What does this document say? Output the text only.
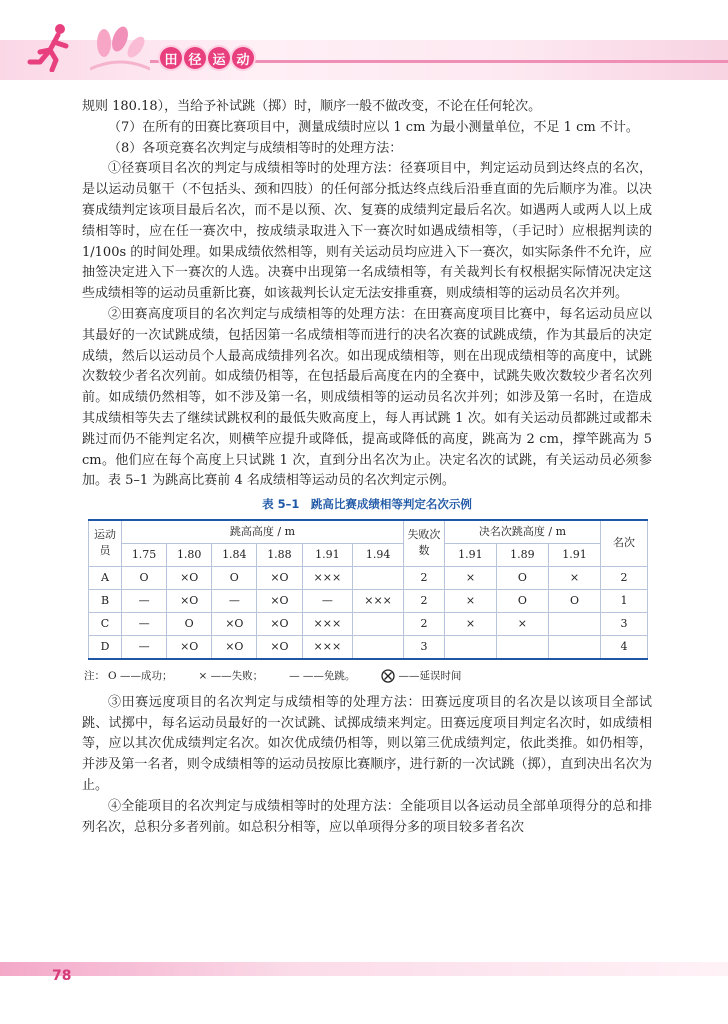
田 径 运 动

规则 180.18），当给予补试跳（掷）时，顺序一般不做改变，不论在任何轮次。

（7）在所有的田赛比赛项目中，测量成绩时应以 1 cm 为最小测量单位，不足 1 cm 不计。

（8）各项竞赛名次判定与成绩相等时的处理方法：

①径赛项目名次的判定与成绩相等时的处理方法：径赛项目中，判定运动员到达终点的名次，是以运动员躯干（不包括头、颈和四肢）的任何部分抵达终点线后沿垂直面的先后顺序为准。以决赛成绩判定该项目最后名次，而不是以预、次、复赛的成绩判定最后名次。如遇两人或两人以上成绩相等时，应在任一赛次中，按成绩录取进入下一赛次时如遇成绩相等，（手记时）应根据判读的 1/100s 的时间处理。如果成绩依然相等，则有关运动员均应进入下一赛次，如实际条件不允许，应抽签决定进入下一赛次的人选。决赛中出现第一名成绩相等，有关裁判长有权根据实际情况决定这些成绩相等的运动员重新比赛，如该裁判长认定无法安排重赛，则成绩相等的运动员名次并列。

②田赛高度项目的名次判定与成绩相等的处理方法：在田赛高度项目比赛中，每名运动员应以其最好的一次试跳成绩，包括因第一名成绩相等而进行的决名次赛的试跳成绩，作为其最后的决定成绩，然后以运动员个人最高成绩排列名次。如出现成绩相等，则在出现成绩相等的高度中，试跳次数较少者名次列前。如成绩仍相等，在包括最后高度在内的全赛中，试跳失败次数较少者名次列前。如成绩仍然相等，如不涉及第一名，则成绩相等的运动员名次并列；如涉及第一名时，在造成其成绩相等失去了继续试跳权利的最低失败高度上，每人再试跳 1 次。如有关运动员都跳过或都未跳过而仍不能判定名次，则横竿应提升或降低，提高或降低的高度，跳高为 2 cm，撑竿跳高为 5 cm。他们应在每个高度上只试跳 1 次，直到分出名次为止。决定名次的试跳，有关运动员必须参加。表 5–1 为跳高比赛前 4 名成绩相等运动员的名次判定示例。

表 5–1　跳高比赛成绩相等判定名次示例
运动员	跳高高度 / m						失败次数	决名次跳高度 / m			名次
	1.75	1.80	1.84	1.88	1.91	1.94		1.91	1.89	1.91	
A	O	×O	O	×O	×××		2	×	O	×	2
B	—	×O	—	×O	—	×××	2	×	O	O	1
C	—	O	×O	×O	×××		2	×	×		3
D	—	×O	×O	×O	×××		3				4
注： O ——成功； × ——失败； — ——免跳。	——延误时间

③田赛远度项目的名次判定与成绩相等的处理方法：田赛远度项目的名次是以该项目全部试跳、试掷中，每名运动员最好的一次试跳、试掷成绩来判定。田赛远度项目判定名次时，如成绩相等，应以其次优成绩判定名次。如次优成绩仍相等，则以第三优成绩判定，依此类推。如仍相等，并涉及第一名者，则令成绩相等的运动员按原比赛顺序，进行新的一次试跳（掷），直到决出名次为止。

④全能项目的名次判定与成绩相等时的处理方法：全能项目以各运动员全部单项得分的总和排列名次，总积分多者列前。如总积分相等，应以单项得分多的项目较多者名次

78
